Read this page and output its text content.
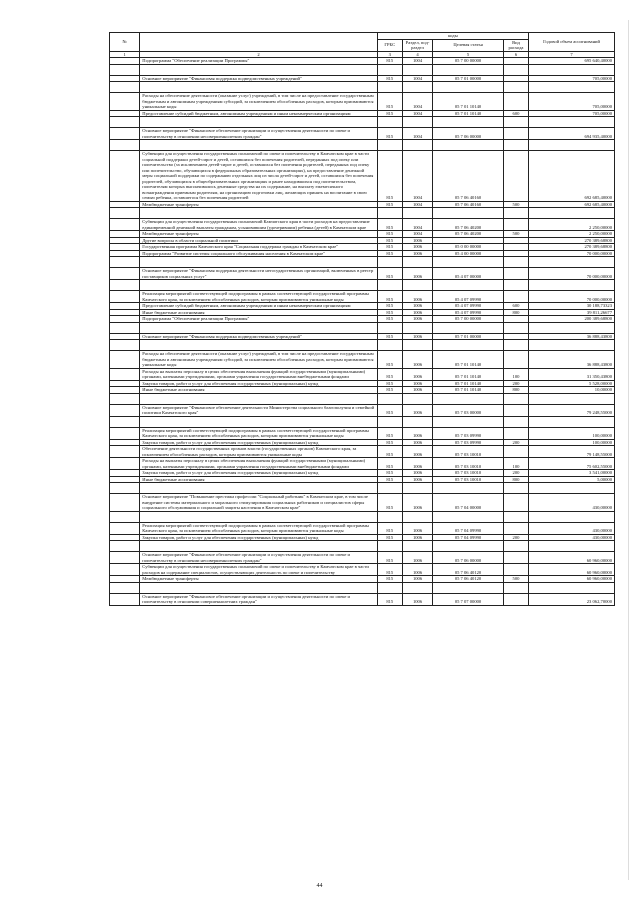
№		коды				Годовой объем ассигнований
		ГРБС	Раздел, под-раздел	Целевая статья	Вид расхода	
1	2	3	4	5	6	7
	Подпрограмма "Обеспечение реализации Программы"	815	1004	05 7 00 00000		695 640,40000

	Основное мероприятие "Финансовая поддержка подведомственных учреждений"	815	1004	05 7 01 00000		705,00000

	Расходы на обеспечение деятельности (оказание услуг) учреждений, в том числе на предоставление государственным бюджетным и автономным учреждениям субсидий, за исключением обособленных расходов, которым присваиваются уникальные коды	815	1004	05 7 01 10140		705,00000
	Предоставление субсидий бюджетным, автономным учреждениям и иным некоммерческим организациям	815	1004	05 7 01 10140	600	705,00000

	Основное мероприятие "Финансовое обеспечение организации и осуществления деятельности по опеке и попечительству в отношении несовершеннолетних граждан"	815	1004	05 7 06 00000		694 935,40000

	Субвенции для осуществления государственных полномочий по опеке и попечительству в Камчатском крае в части социальной поддержки детей-сирот и детей, оставшихся без попечения родителей, переданных под опеку или попечительство (за исключением детей-сирот и детей, оставшихся без попечения родителей, переданных под опеку или попечительство, обучающихся в федеральных образовательных организациях), на предоставление денежной меры социальной поддержки по содержанию отдельных лиц из числа детей-сирот и детей, оставшихся без попечения родителей, обучающихся в общеобразовательных организациях и ранее находившихся под попечительством, попечителям которых выплачивались денежные средства на их содержание, на выплату ежемесячного вознаграждения приемным родителям, на организацию подготовки лиц, желающих принять на воспитание в свою семью ребенка, оставшегося без попечения родителей	815	1004	05 7 06 40160		692 685,40000
	Межбюджетные трансферты	815	1004	05 7 06 40160	500	692 685,40000

	Субвенции для осуществления государственных полномочий Камчатского края в части расходов на предоставление единовременной денежной выплаты гражданам, усыновившим (удочерившим) ребенка (детей) в Камчатском крае	815	1004	05 7 06 40200		2 250,00000
	Межбюджетные трансферты	815	1004	05 7 06 40200	500	2 250,00000
	Другие вопросы в области социальной политики	815	1006			270 389,68800
	Государственная программа Камчатского края "Социальная поддержка граждан в Камчатском крае"	815	1006	05 0 00 00000		270 389,68800
	Подпрограмма "Развитие системы социального обслуживания населения в Камчатском крае"	815	1006	05 4 00 00000		70 000,00000

	Основное мероприятие "Финансовая поддержка деятельности негосударственных организаций, включенных в реестр поставщиков социальных услуг"	815	1006	05 4 07 00000		70 000,00000

	Реализация мероприятий соответствующей подпрограммы в рамках соответствующей государственной программы Камчатского края, за исключением обособленных расходов, которым присваиваются уникальные коды	815	1006	05 4 07 09990		70 000,00000
	Предоставление субсидий бюджетным, автономным учреждениям и иным некоммерческим организациям	815	1006	05 4 07 09990	600	30 188,73323
	Иные бюджетные ассигнования	815	1006	05 4 07 09990	800	39 811,26677
	Подпрограмма "Обеспечение реализации Программы"	815	1006	05 7 00 00000		200 389,68800

	Основное мероприятие "Финансовая поддержка подведомственных учреждений"	815	1006	05 7 01 00000		36 888,43800

	Расходы на обеспечение деятельности (оказание услуг) учреждений, в том числе на предоставление государственным бюджетным и автономным учреждениям субсидий, за исключением обособленных расходов, которым присваиваются уникальные коды	815	1006	05 7 01 10140		36 888,43800
	Расходы на выплаты персоналу в целях обеспечения выполнения функций государственными (муниципальными) органами, казенными учреждениями, органами управления государственными внебюджетными фондами	815	1006	05 7 01 10140	100	31 350,43800
	Закупка товаров, работ и услуг для обеспечения государственных (муниципальных) нужд	815	1006	05 7 01 10140	200	5 528,00000
	Иные бюджетные ассигнования	815	1006	05 7 01 10140	800	10,00000

	Основное мероприятие "Финансовое обеспечение деятельности Министерства социального благополучия и семейной политики Камчатского края"	815	1006	05 7 03 00000		79 248,55000

	Реализация мероприятий соответствующей подпрограммы в рамках соответствующей государственной программы Камчатского края, за исключением обособленных расходов, которым присваиваются уникальные коды	815	1006	05 7 03 09990		100,00000
	Закупка товаров, работ и услуг для обеспечения государственных (муниципальных) нужд	815	1006	05 7 03 09990	200	100,00000
	Обеспечение деятельности государственных органов власти (государственных органов) Камчатского края, за исключением обособленных расходов, которым присваиваются уникальные коды	815	1006	05 7 03 10010		79 148,55000
	Расходы на выплаты персоналу в целях обеспечения выполнения функций государственными (муниципальными) органами, казенными учреждениями, органами управления государственными внебюджетными фондами	815	1006	05 7 03 10010	100	75 602,55000
	Закупка товаров, работ и услуг для обеспечения государственных (муниципальных) нужд	815	1006	05 7 03 10010	200	3 541,00000
	Иные бюджетные ассигнования	815	1006	05 7 03 10010	800	5,00000

	Основное мероприятие "Повышение престижа профессии "Социальный работник" в Камчатском крае, в том числе внедрение системы материального и морального стимулирования социальных работников и специалистов сферы социального обслуживания и социальной защиты населения в Камчатском крае"	815	1006	05 7 04 00000		430,00000

	Реализация мероприятий соответствующей подпрограммы в рамках соответствующей государственной программы Камчатского края, за исключением обособленных расходов, которым присваиваются уникальные коды	815	1006	05 7 04 09990		430,00000
	Закупка товаров, работ и услуг для обеспечения государственных (муниципальных) нужд	815	1006	05 7 04 09990	200	430,00000

	Основное мероприятие "Финансовое обеспечение организации и осуществления деятельности по опеке и попечительству в отношении несовершеннолетних граждан"	815	1006	05 7 06 00000		60 960,00000
	Субвенции для осуществления государственных полномочий по опеке и попечительству в Камчатском крае в части расходов на содержание специалистов, осуществляющих деятельность по опеке и попечительству	815	1006	05 7 06 40120		60 960,00000
	Межбюджетные трансферты	815	1006	05 7 06 40120	500	60 960,00000

	Основное мероприятие "Финансовое обеспечение организации и осуществления деятельности по опеке и попечительству в отношении совершеннолетних граждан"	815	1006	05 7 07 00000		23 062,70000
44
